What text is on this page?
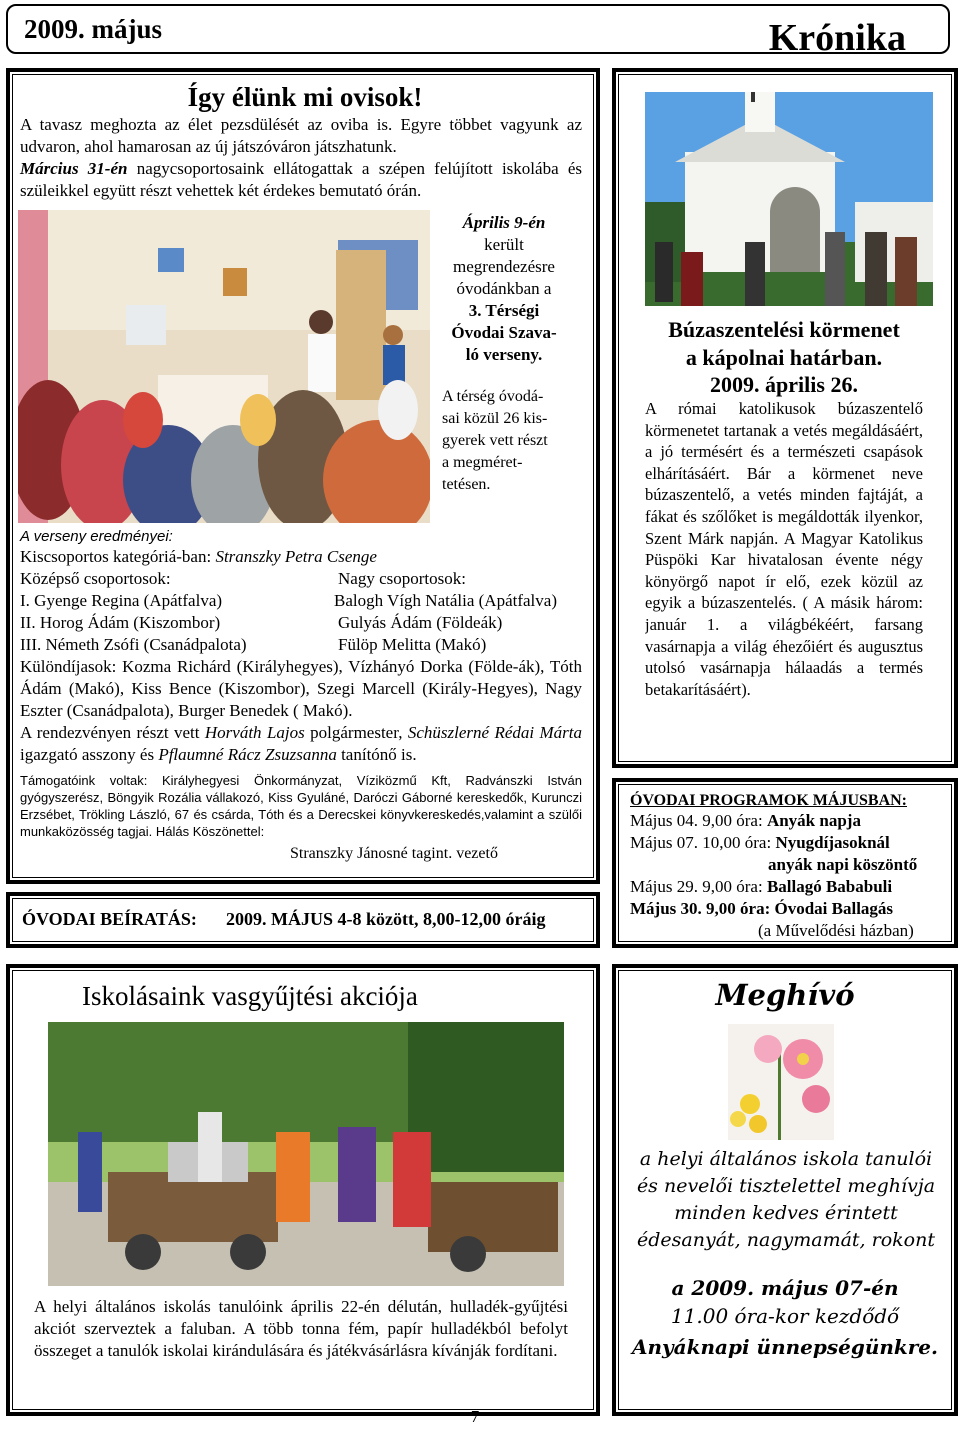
2009. május	Krónika
Így élünk mi ovisok!
A tavasz meghozta az élet pezsdülését az oviba is. Egyre többet vagyunk az udvaron, ahol hamarosan az új játszóváron játszhatunk.
Március 31-én nagycsoportosaink ellátogattak a szépen felújított iskolába és szüleikkel együtt részt vehettek két érdekes bemutató órán.
Április 9-én
került
megrendezésre
óvodánkban a
3. Térségi
Óvodai Szava-
ló verseny.
A térség óvodá-
sai közül 26 kis-
gyerek vett részt
a megméret-
tetésen.
A verseny eredményei:
Kiscsoportos kategóriá-ban: Stranszky Petra Csenge
Középső csoportosok:	Nagy csoportosok:
I. Gyenge Regina (Apátfalva)	Balogh Vígh Natália (Apátfalva)
II. Horog Ádám (Kiszombor)	Gulyás Ádám (Földeák)
III. Németh Zsófi (Csanádpalota)	Fülöp Melitta (Makó)
Különdíjasok: Kozma Richárd (Királyhegyes), Vízhányó Dorka (Földe-ák), Tóth Ádám (Makó), Kiss Bence (Kiszombor), Szegi Marcell (Király-Hegyes), Nagy Eszter (Csanádpalota), Burger Benedek ( Makó).
A rendezvényen részt vett Horváth Lajos polgármester, Schüszlerné Rédai Márta igazgató asszony és Pflaumné Rácz Zsuzsanna tanítónő is.
Támogatóink voltak: Királyhegyesi Önkormányzat, Víziközmű Kft, Radvánszki István gyógyszerész, Böngyik Rozália vállakozó, Kiss Gyuláné, Daróczi Gáborné kereskedők, Kurunczi Erzsébet, Trökling László, 67 és csárda, Tóth és a Derecskei könyvkereskedés,valamint a szülői munkaközösség tagjai. Hálás Köszönettel:
Stranszky Jánosné tagint. vezető
ÓVODAI BEÍRATÁS: 2009. MÁJUS 4-8 között, 8,00-12,00 óráig
Búzaszentelési körmenet
a kápolnai határban.
2009. április 26.
A római katolikusok búzaszentelő körmenetet tartanak a vetés megáldásáért, a jó termésért és a természeti csapások elhárításáért. Bár a körmenet neve búzaszentelő, a vetés minden fajtáját, a fákat és szőlőket is megáldották ilyenkor, Szent Márk napján. A Magyar Katolikus Püspöki Kar hivatalosan évente négy könyörgő napot ír elő, ezek közül az egyik a búzaszentelés. ( A másik három: január 1. a világbékéért, farsang vasárnapja a világ éhezőiért és augusztus utolsó vasárnapja hálaadás a termés betakarításáért).
ÓVODAI PROGRAMOK MÁJUSBAN:
Május 04. 9,00 óra: Anyák napja
Május 07. 10,00 óra: Nyugdíjasoknál
anyák napi köszöntő
Május 29. 9,00 óra: Ballagó Bababuli
Május 30. 9,00 óra: Óvodai Ballagás
(a Művelődési házban)
Iskolásaink vasgyűjtési akciója
A helyi általános iskolás tanulóink április 22-én délután, hulladék-gyűjtési akciót szerveztek a faluban. A több tonna fém, papír hulladékból befolyt összeget a tanulók iskolai kirándulására és játékvásárlásra kívánják fordítani.
Meghívó
a helyi általános iskola tanulói és nevelői tisztelettel meghívja minden kedves érintett édesanyát, nagymamát, rokont
a 2009. május 07-én
11.00 óra-kor kezdődő
Anyáknapi ünnepségünkre.
7
